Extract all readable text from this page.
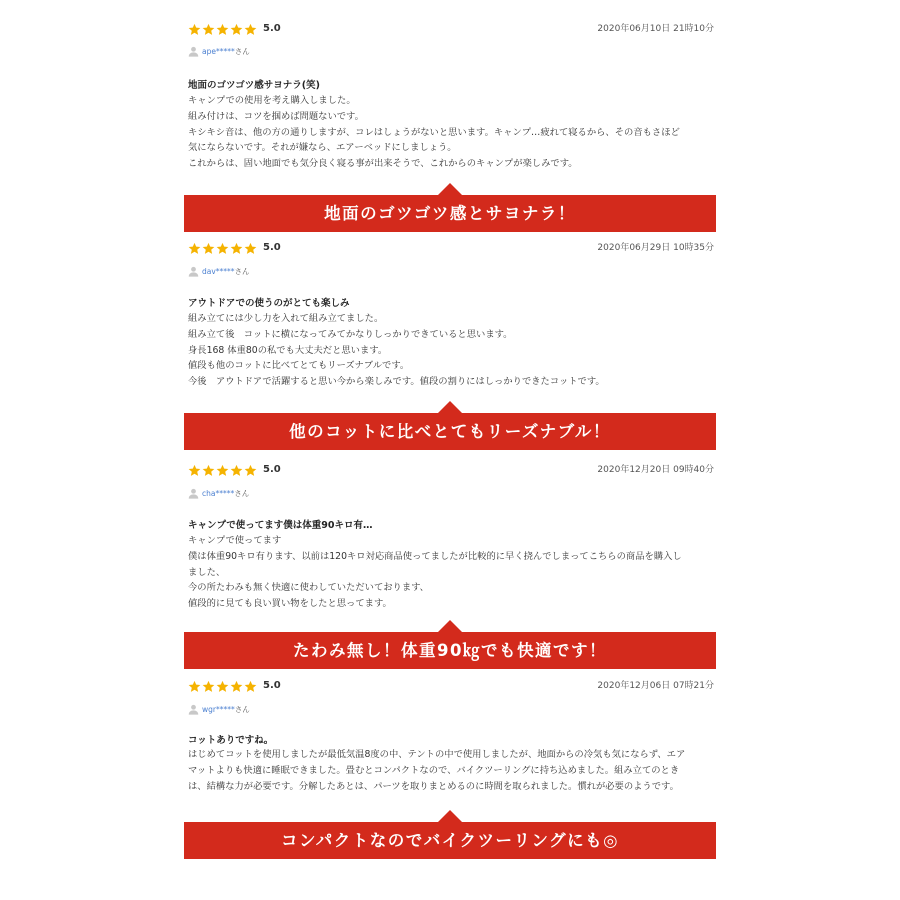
5.0	2020年06月10日 21時10分
ape***** さん
地面のゴツゴツ感サヨナラ(笑)
キャンプでの使用を考え購入しました。
組み付けは、コツを掴めば問題ないです。
キシキシ音は、他の方の通りしますが、コレはしょうがないと思います。キャンプ…疲れて寝るから、その音もさほど
気にならないです。それが嫌なら、エアーベッドにしましょう。
これからは、固い地面でも気分良く寝る事が出来そうで、これからのキャンプが楽しみです。
地面のゴツゴツ感とサヨナラ！
5.0	2020年06月29日 10時35分
dav***** さん
アウトドアでの使うのがとても楽しみ
組み立てには少し力を入れて組み立てました。
組み立て後　コットに横になってみてかなりしっかりできていると思います。
身長168 体重80の私でも大丈夫だと思います。
値段も他のコットに比べてとてもリーズナブルです。
今後　アウトドアで活躍すると思い今から楽しみです。値段の割りにはしっかりできたコットです。
他のコットに比べとてもリーズナブル！
5.0	2020年12月20日 09時40分
cha***** さん
キャンプで使ってます僕は体重90キロ有…
キャンプで使ってます
僕は体重90キロ有ります、以前は120キロ対応商品使ってましたが比較的に早く挠んでしまってこちらの商品を購入し
ました、
今の所たわみも無く快適に使わしていただいております、
値段的に見ても良い買い物をしたと思ってます。
たわみ無し！体重90㎏でも快適です！
5.0	2020年12月06日 07時21分
wgr***** さん
コットありですね。
はじめてコットを使用しましたが最低気温8度の中、テントの中で使用しましたが、地面からの冷気も気にならず、エア
マットよりも快適に睡眠できました。畳むとコンパクトなので、バイクツーリングに持ち込めました。組み立てのとき
は、結構な力が必要です。分解したあとは、パーツを取りまとめるのに時間を取られました。慣れが必要のようです。
コンパクトなのでバイクツーリングにも◎
